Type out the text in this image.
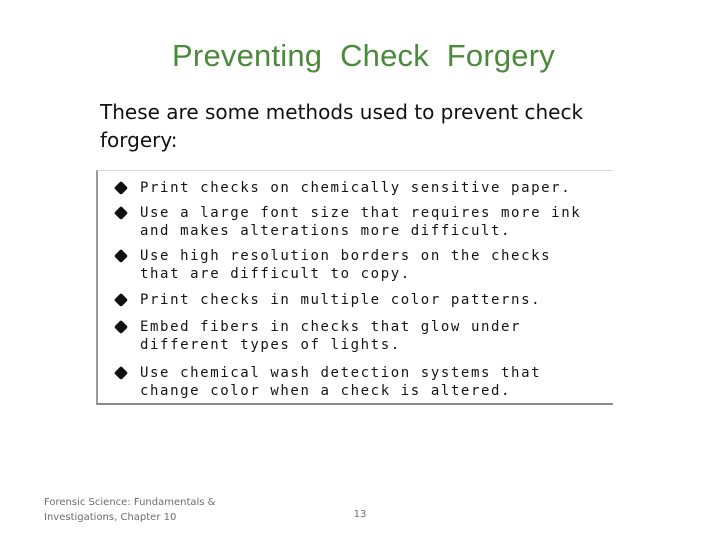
Preventing Check Forgery
These are some methods used to prevent check forgery:
Print checks on chemically sensitive paper.
Use a large font size that requires more ink
and makes alterations more difficult.
Use high resolution borders on the checks
that are difficult to copy.
Print checks in multiple color patterns.
Embed fibers in checks that glow under
different types of lights.
Use chemical wash detection systems that
change color when a check is altered.
Forensic Science: Fundamentals & Investigations, Chapter 10	13
